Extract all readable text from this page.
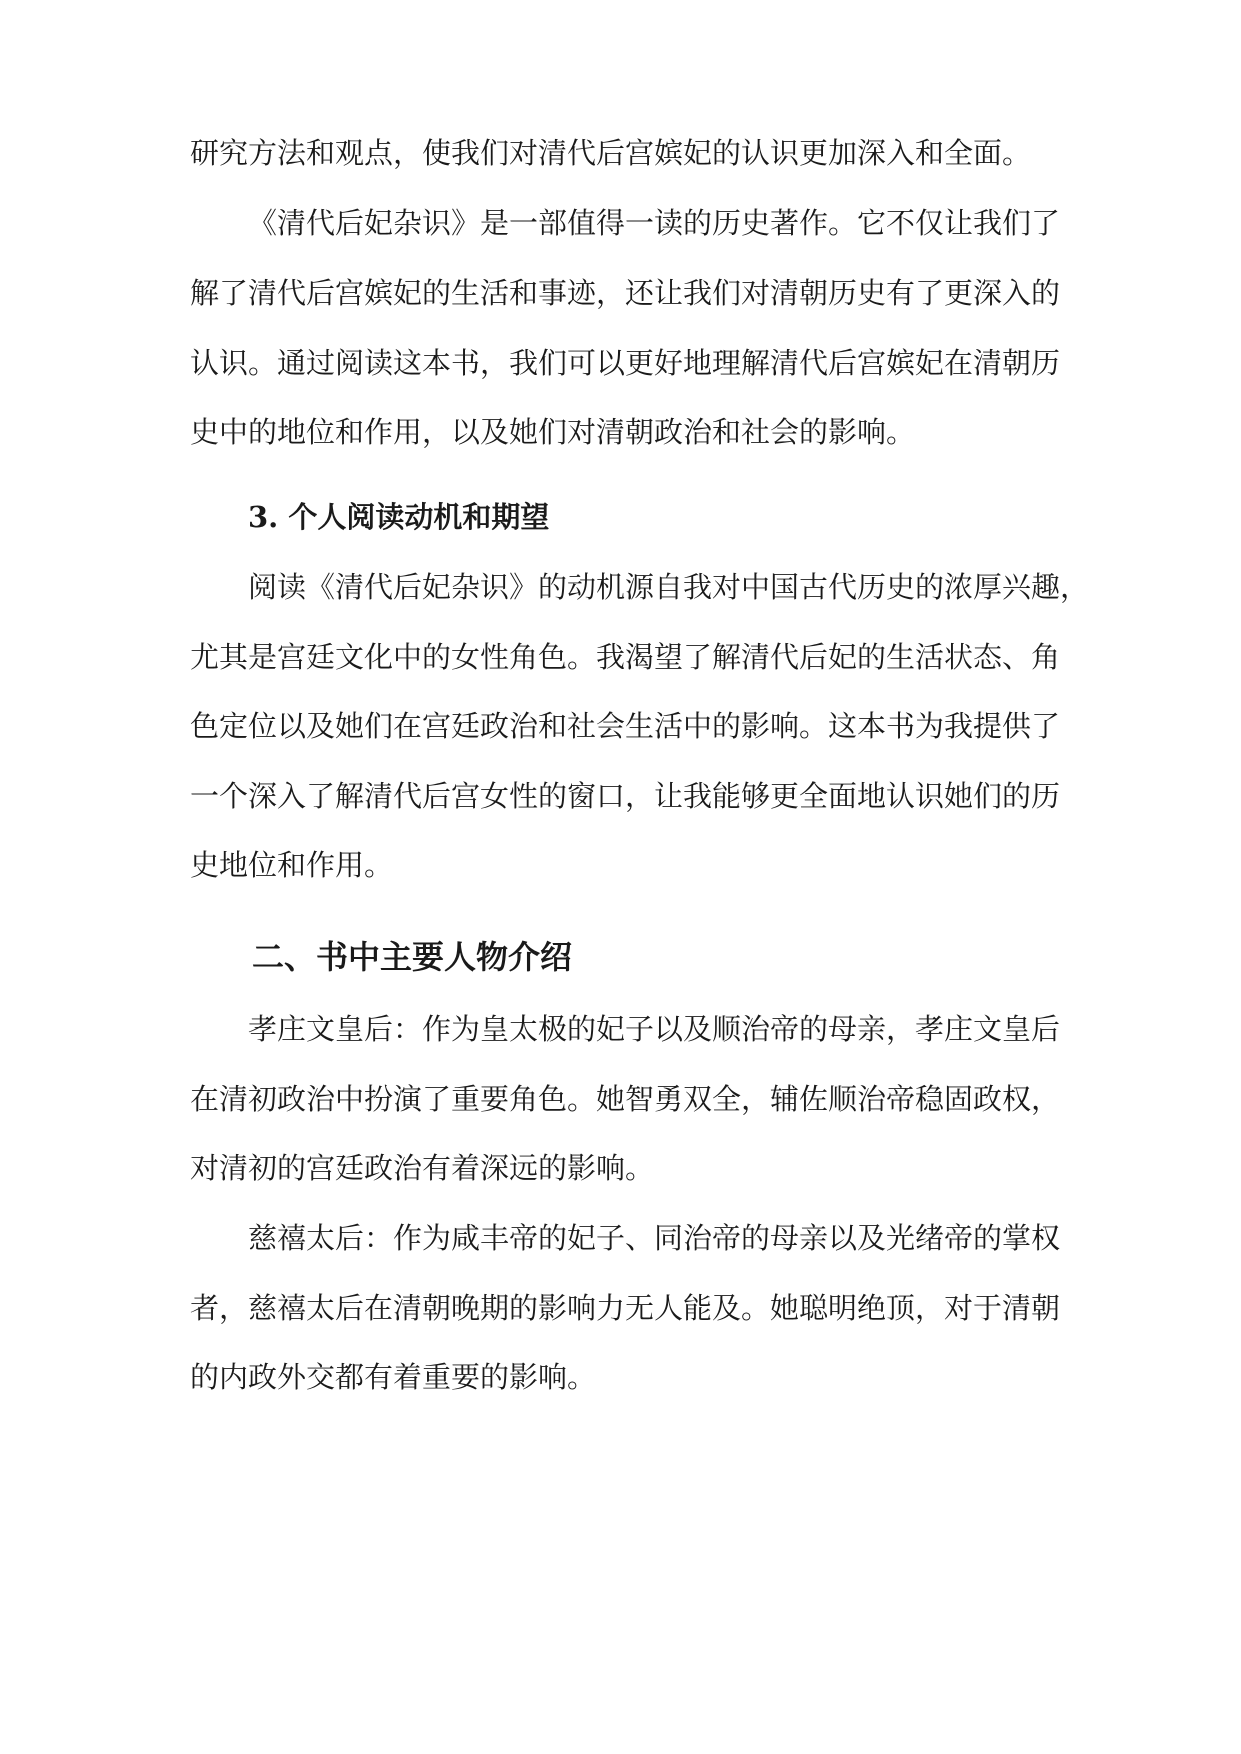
研究方法和观点，使我们对清代后宫嫔妃的认识更加深入和全面。
《清代后妃杂识》是一部值得一读的历史著作。它不仅让我们了
解了清代后宫嫔妃的生活和事迹，还让我们对清朝历史有了更深入的
认识。通过阅读这本书，我们可以更好地理解清代后宫嫔妃在清朝历
史中的地位和作用，以及她们对清朝政治和社会的影响。
3. 个人阅读动机和期望
阅读《清代后妃杂识》的动机源自我对中国古代历史的浓厚兴趣，
尤其是宫廷文化中的女性角色。我渴望了解清代后妃的生活状态、角
色定位以及她们在宫廷政治和社会生活中的影响。这本书为我提供了
一个深入了解清代后宫女性的窗口，让我能够更全面地认识她们的历
史地位和作用。
二、书中主要人物介绍
孝庄文皇后：作为皇太极的妃子以及顺治帝的母亲，孝庄文皇后
在清初政治中扮演了重要角色。她智勇双全，辅佐顺治帝稳固政权，
对清初的宫廷政治有着深远的影响。
慈禧太后：作为咸丰帝的妃子、同治帝的母亲以及光绪帝的掌权
者，慈禧太后在清朝晚期的影响力无人能及。她聪明绝顶，对于清朝
的内政外交都有着重要的影响。
